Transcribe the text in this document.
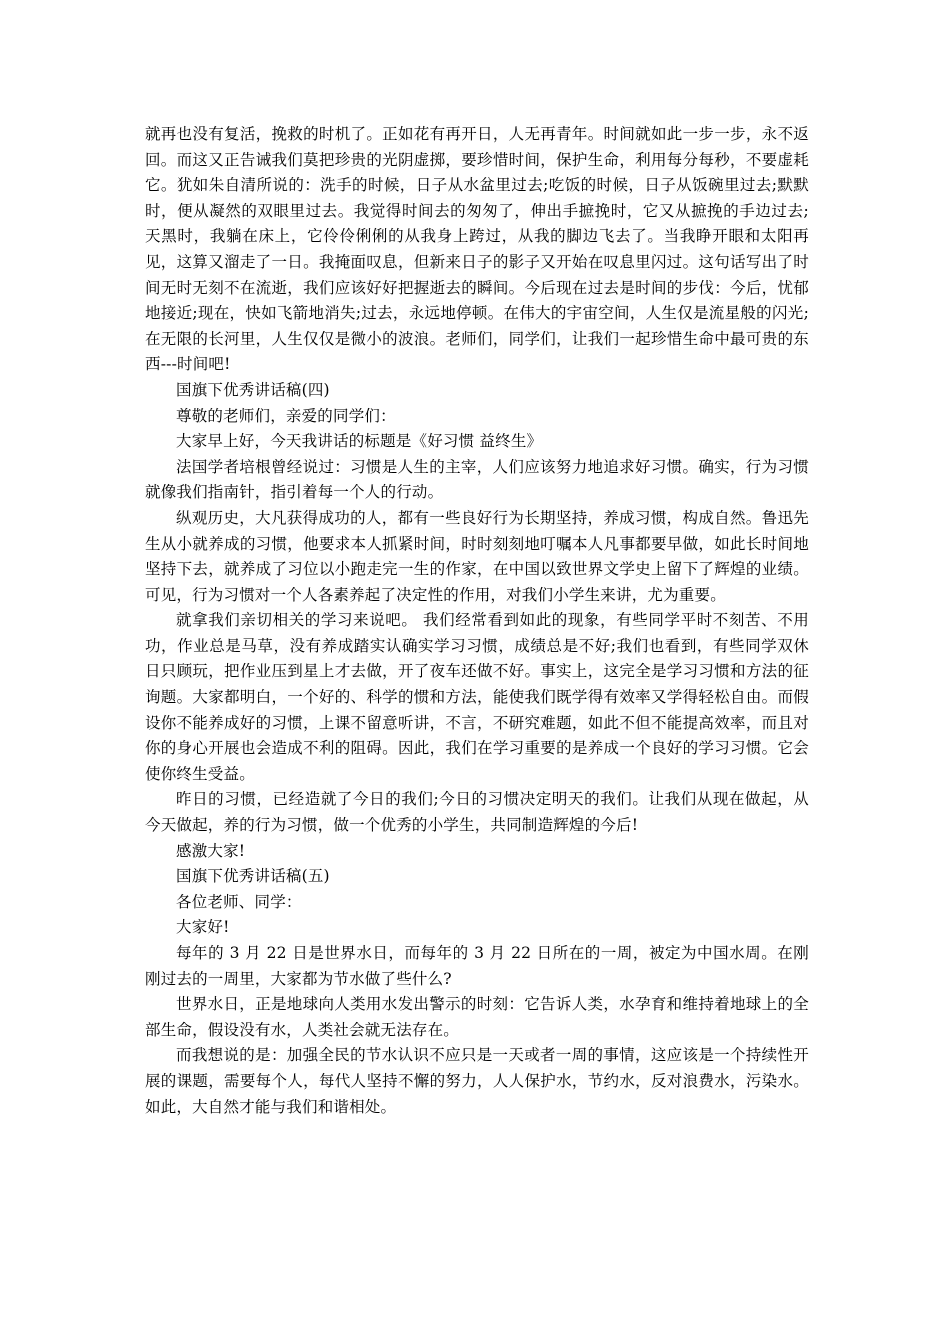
就再也没有复活，挽救的时机了。正如花有再开日，人无再青年。时间就如此一步一步，永不返回。而这又正告诫我们莫把珍贵的光阴虚掷，要珍惜时间，保护生命，利用每分每秒，不要虚耗它。犹如朱自清所说的：洗手的时候，日子从水盆里过去;吃饭的时候，日子从饭碗里过去;默默时，便从凝然的双眼里过去。我觉得时间去的匆匆了，伸出手摭挽时，它又从摭挽的手边过去;天黑时，我躺在床上，它伶伶俐俐的从我身上跨过，从我的脚边飞去了。当我睁开眼和太阳再见，这算又溜走了一日。我掩面叹息，但新来日子的影子又开始在叹息里闪过。这句话写出了时间无时无刻不在流逝，我们应该好好把握逝去的瞬间。今后现在过去是时间的步伐：今后，忧郁地接近;现在，快如飞箭地消失;过去，永远地停顿。在伟大的宇宙空间，人生仅是流星般的闪光;在无限的长河里，人生仅仅是微小的波浪。老师们，同学们，让我们一起珍惜生命中最可贵的东西---时间吧!

国旗下优秀讲话稿(四)

尊敬的老师们，亲爱的同学们：

大家早上好，今天我讲话的标题是《好习惯 益终生》

法国学者培根曾经说过：习惯是人生的主宰，人们应该努力地追求好习惯。确实，行为习惯就像我们指南针，指引着每一个人的行动。

纵观历史，大凡获得成功的人，都有一些良好行为长期坚持，养成习惯，构成自然。鲁迅先生从小就养成的习惯，他要求本人抓紧时间，时时刻刻地叮嘱本人凡事都要早做，如此长时间地坚持下去，就养成了习位以小跑走完一生的作家，在中国以致世界文学史上留下了辉煌的业绩。可见，行为习惯对一个人各素养起了决定性的作用，对我们小学生来讲，尤为重要。

就拿我们亲切相关的学习来说吧。 我们经常看到如此的现象，有些同学平时不刻苦、不用功，作业总是马草，没有养成踏实认确实学习习惯，成绩总是不好;我们也看到，有些同学双休日只顾玩，把作业压到星上才去做，开了夜车还做不好。事实上，这完全是学习习惯和方法的征询题。大家都明白，一个好的、科学的惯和方法，能使我们既学得有效率又学得轻松自由。而假设你不能养成好的习惯，上课不留意听讲，不言，不研究难题，如此不但不能提高效率，而且对你的身心开展也会造成不利的阻碍。因此，我们在学习重要的是养成一个良好的学习习惯。它会使你终生受益。

昨日的习惯，已经造就了今日的我们;今日的习惯决定明天的我们。让我们从现在做起，从今天做起，养的行为习惯，做一个优秀的小学生，共同制造辉煌的今后!

感激大家!

国旗下优秀讲话稿(五)

各位老师、同学：

大家好!

每年的 3 月 22 日是世界水日，而每年的 3 月 22 日所在的一周，被定为中国水周。在刚刚过去的一周里，大家都为节水做了些什么?

世界水日，正是地球向人类用水发出警示的时刻：它告诉人类，水孕育和维持着地球上的全部生命，假设没有水，人类社会就无法存在。

而我想说的是：加强全民的节水认识不应只是一天或者一周的事情，这应该是一个持续性开展的课题，需要每个人，每代人坚持不懈的努力，人人保护水，节约水，反对浪费水，污染水。如此，大自然才能与我们和谐相处。
